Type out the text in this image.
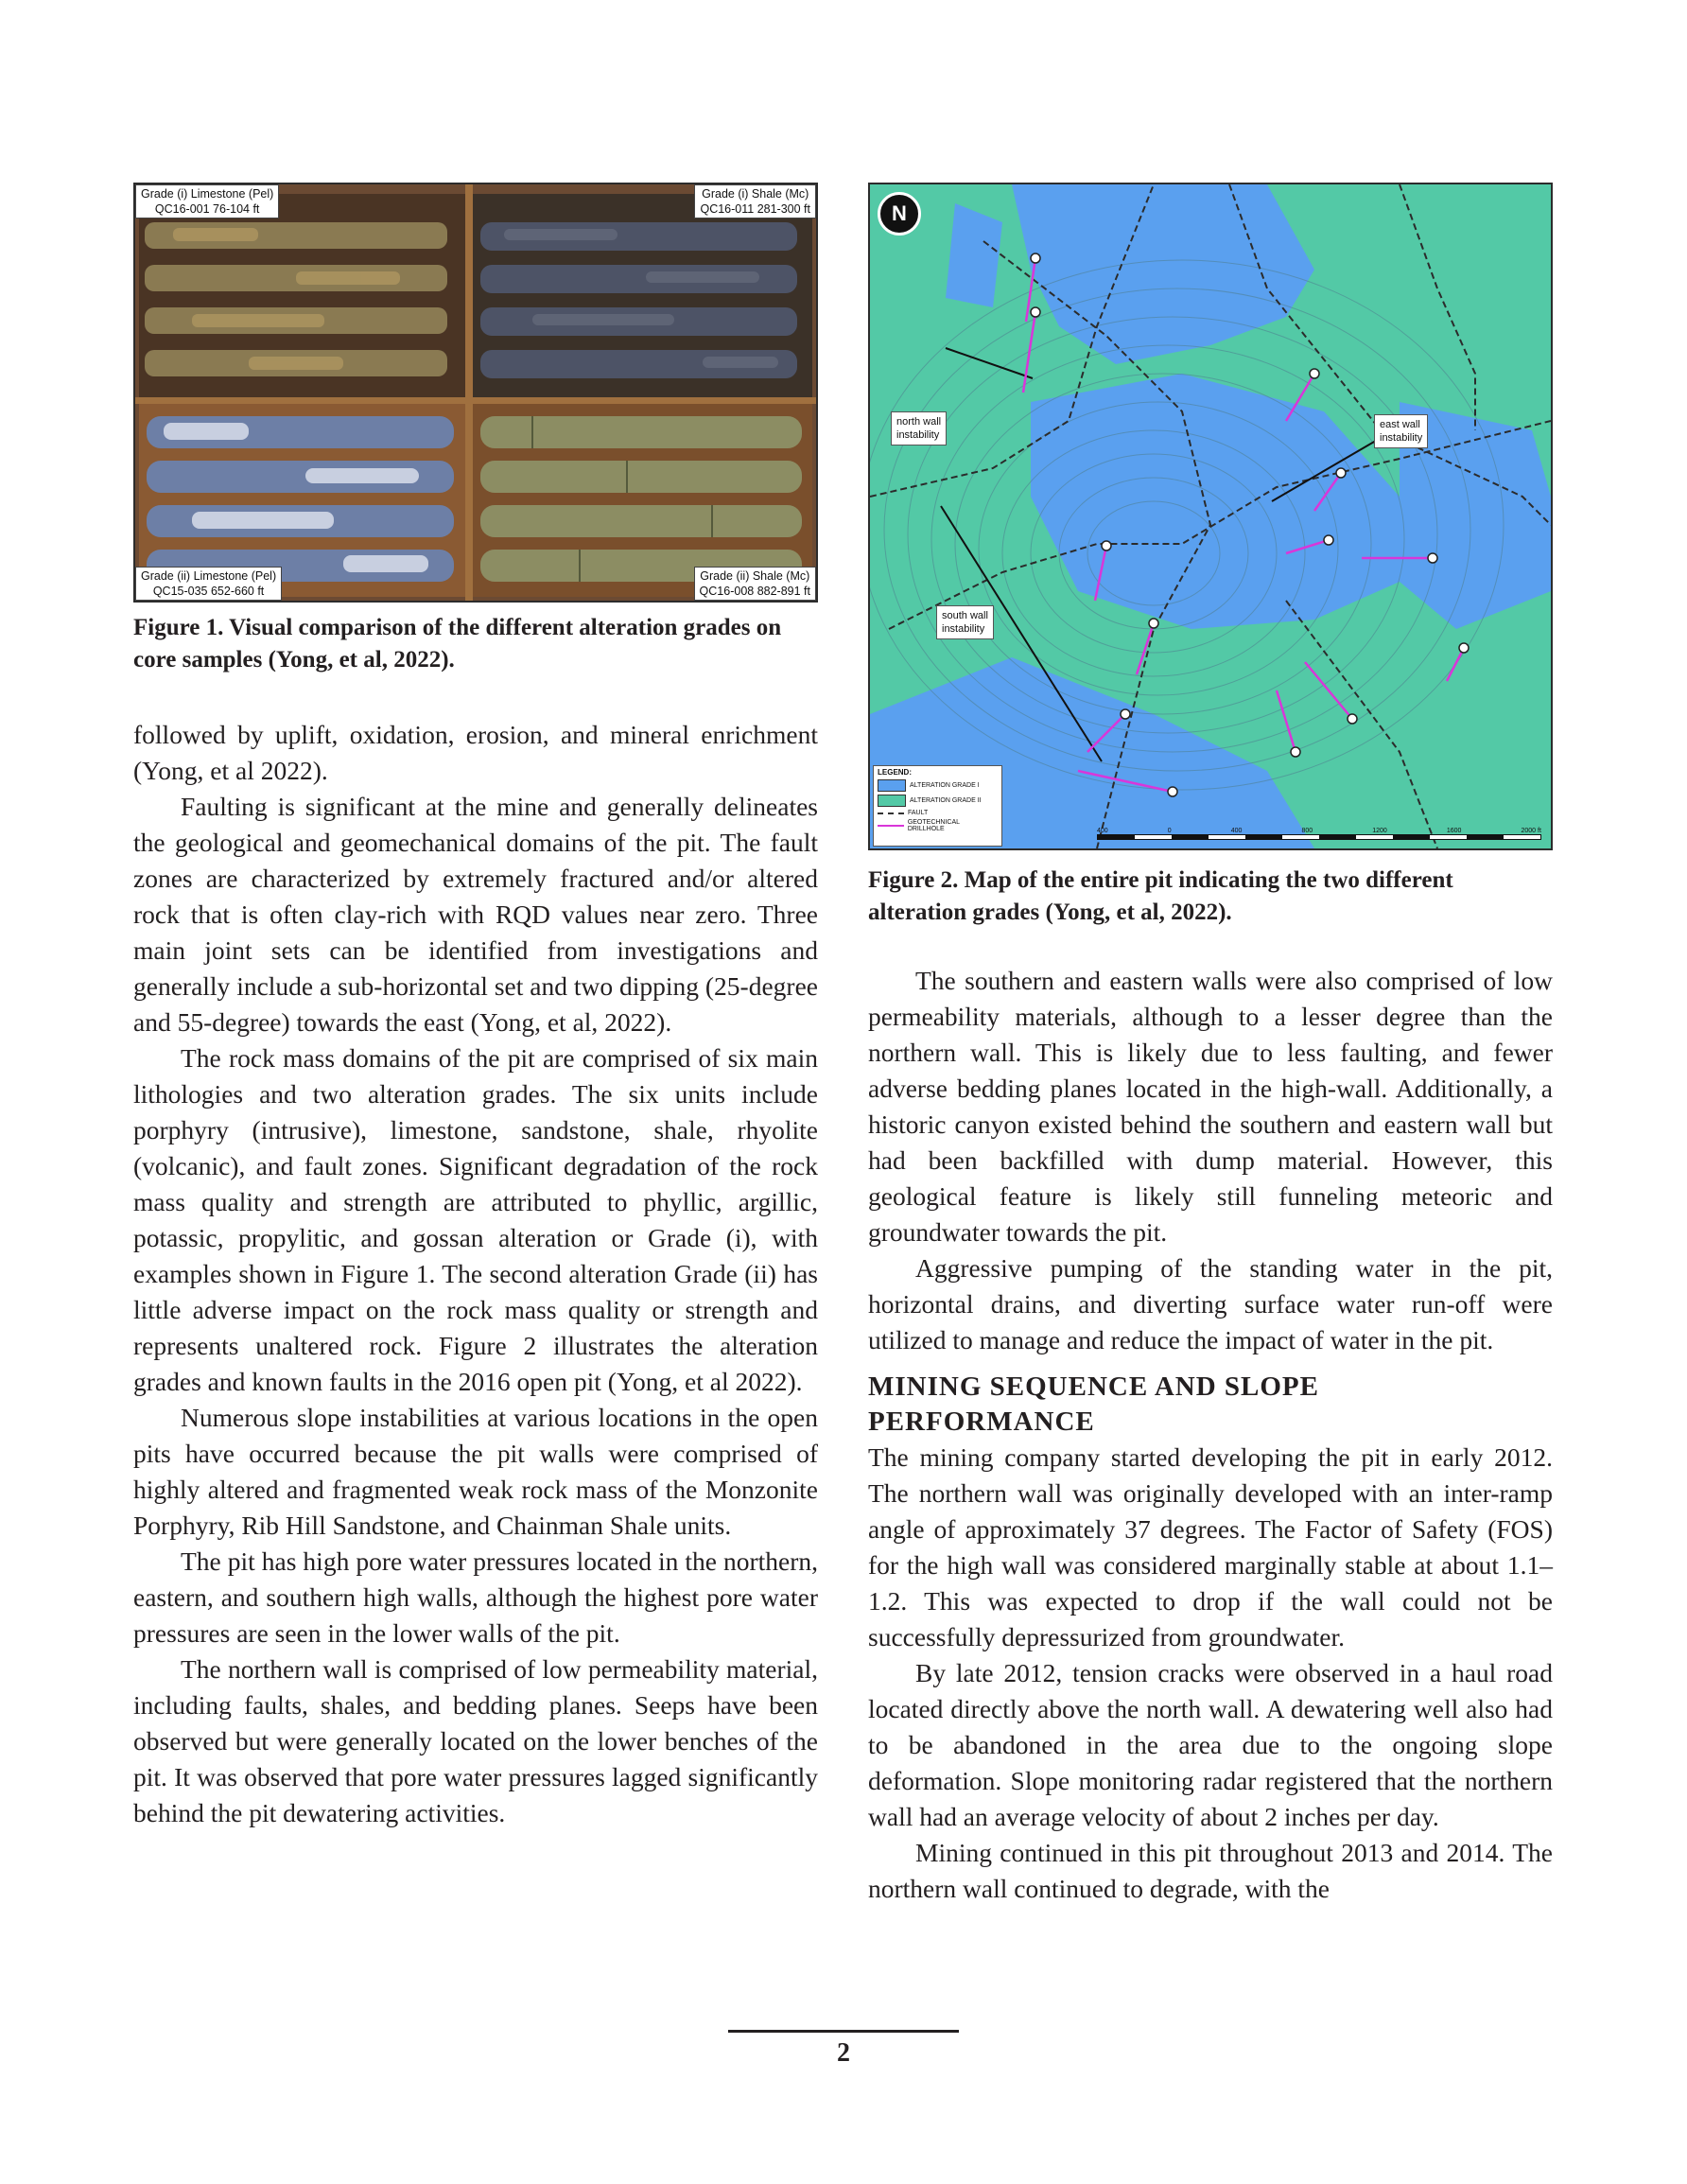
Grade (i) Limestone (Pel)
QC16-001 76-104 ft
Grade (i) Shale (Mc)
QC16-011 281-300 ft
Grade (ii) Limestone (Pel)
QC15-035 652-660 ft
Grade (ii) Shale (Mc)
QC16-008 882-891 ft

Figure 1. Visual comparison of the different alteration grades on core samples (Yong, et al, 2022).

N
north wall
instability
east wall
instability
south wall
instability
LEGEND:
ALTERATION GRADE I
ALTERATION GRADE II
FAULT
GEOTECHNICAL DRILLHOLE	400	0	400	800	1200	1600	2000 ft

Figure 2. Map of the entire pit indicating the two different alteration grades (Yong, et al, 2022).

followed by uplift, oxidation, erosion, and mineral enrichment (Yong, et al 2022).

Faulting is significant at the mine and generally delineates the geological and geomechanical domains of the pit. The fault zones are characterized by extremely fractured and/or altered rock that is often clay-rich with RQD values near zero. Three main joint sets can be identified from investigations and generally include a sub-horizontal set and two dipping (25-degree and 55-degree) towards the east (Yong, et al, 2022).

The rock mass domains of the pit are comprised of six main lithologies and two alteration grades. The six units include porphyry (intrusive), limestone, sandstone, shale, rhyolite (volcanic), and fault zones. Significant degradation of the rock mass quality and strength are attributed to phyllic, argillic, potassic, propylitic, and gossan alteration or Grade (i), with examples shown in Figure 1. The second alteration Grade (ii) has little adverse impact on the rock mass quality or strength and represents unaltered rock. Figure 2 illustrates the alteration grades and known faults in the 2016 open pit (Yong, et al 2022).

Numerous slope instabilities at various locations in the open pits have occurred because the pit walls were comprised of highly altered and fragmented weak rock mass of the Monzonite Porphyry, Rib Hill Sandstone, and Chainman Shale units.

The pit has high pore water pressures located in the northern, eastern, and southern high walls, although the highest pore water pressures are seen in the lower walls of the pit.

The northern wall is comprised of low permeability material, including faults, shales, and bedding planes. Seeps have been observed but were generally located on the lower benches of the pit. It was observed that pore water pressures lagged significantly behind the pit dewatering activities.

The southern and eastern walls were also comprised of low permeability materials, although to a lesser degree than the northern wall. This is likely due to less faulting, and fewer adverse bedding planes located in the high-wall. Additionally, a historic canyon existed behind the southern and eastern wall but had been backfilled with dump material. However, this geological feature is likely still funneling meteoric and groundwater towards the pit.

Aggressive pumping of the standing water in the pit, horizontal drains, and diverting surface water run-off were utilized to manage and reduce the impact of water in the pit.

MINING SEQUENCE AND SLOPE
PERFORMANCE

The mining company started developing the pit in early 2012. The northern wall was originally developed with an inter-ramp angle of approximately 37 degrees. The Factor of Safety (FOS) for the high wall was considered marginally stable at about 1.1–1.2. This was expected to drop if the wall could not be successfully depressurized from groundwater.

By late 2012, tension cracks were observed in a haul road located directly above the north wall. A dewatering well also had to be abandoned in the area due to the ongoing slope deformation. Slope monitoring radar registered that the northern wall had an average velocity of about 2 inches per day.

Mining continued in this pit throughout 2013 and 2014. The northern wall continued to degrade, with the

2
